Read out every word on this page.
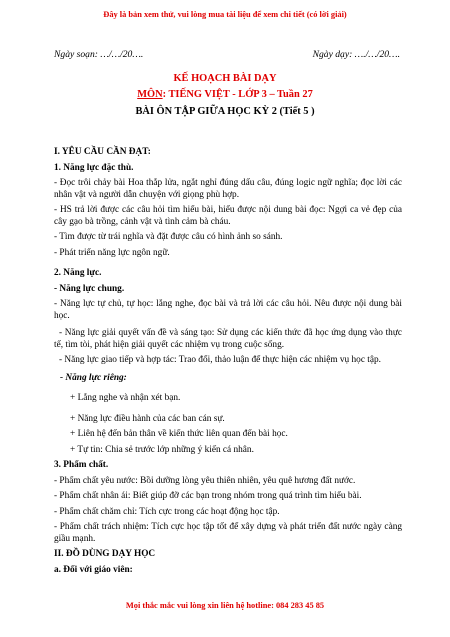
Đây là bản xem thử, vui lòng mua tài liệu để xem chi tiết (có lời giải)
Ngày soạn: …/…/20….	Ngày dạy: …./…/20….
KẾ HOẠCH BÀI DẠY
MÔN: TIẾNG VIỆT - LỚP 3 – Tuần 27
BÀI ÔN TẬP GIỮA HỌC KỲ 2 (Tiết 5 )
I. YÊU CẦU CẦN ĐẠT:
1. Năng lực đặc thù.
- Đọc trôi chảy bài Hoa thắp lửa, ngắt nghỉ đúng dấu câu, đúng logic ngữ nghĩa; đọc lời các nhân vật và người dẫn chuyện với giọng phù hợp.
- HS trả lời được các câu hỏi tìm hiểu bài, hiểu được nội dung bài đọc: Ngợi ca vẻ đẹp của cây gạo bà trồng, cảnh vật và tình cảm bà cháu.
- Tìm được từ trái nghĩa và đặt được câu có hình ảnh so sánh.
- Phát triển năng lực ngôn ngữ.
2. Năng lực.
- Năng lực chung.
- Năng lực tự chủ, tự học: lắng nghe, đọc bài và trả lời các câu hỏi. Nêu được nội dung bài học.
- Năng lực giải quyết vấn đề và sáng tạo: Sử dụng các kiến thức đã học ứng dụng vào thực tế, tìm tòi, phát hiện giải quyết các nhiệm vụ trong cuộc sống.
- Năng lực giao tiếp và hợp tác: Trao đổi, thảo luận để thực hiện các nhiệm vụ học tập.
- Năng lực riêng:
+ Lắng nghe và nhận xét bạn.
+ Năng lực điều hành của các ban cán sự.
+ Liên hệ đến bản thân về kiến thức liên quan đến bài học.
+ Tự tin: Chia sẻ trước lớp những ý kiến cá nhân.
3. Phẩm chất.
- Phẩm chất yêu nước: Bồi dưỡng lòng yêu thiên nhiên, yêu quê hương đất nước.
- Phẩm chất nhân ái: Biết giúp đỡ các bạn trong nhóm trong quá trình tìm hiểu bài.
- Phẩm chất chăm chỉ: Tích cực trong các hoạt động học tập.
- Phẩm chất trách nhiệm: Tích cực học tập tốt để xây dựng và phát triển đất nước ngày càng giầu mạnh.
II. ĐỒ DÙNG DẠY HỌC
a. Đối với giáo viên:
Mọi thắc mắc vui lòng xin liên hệ hotline: 084 283 45 85
